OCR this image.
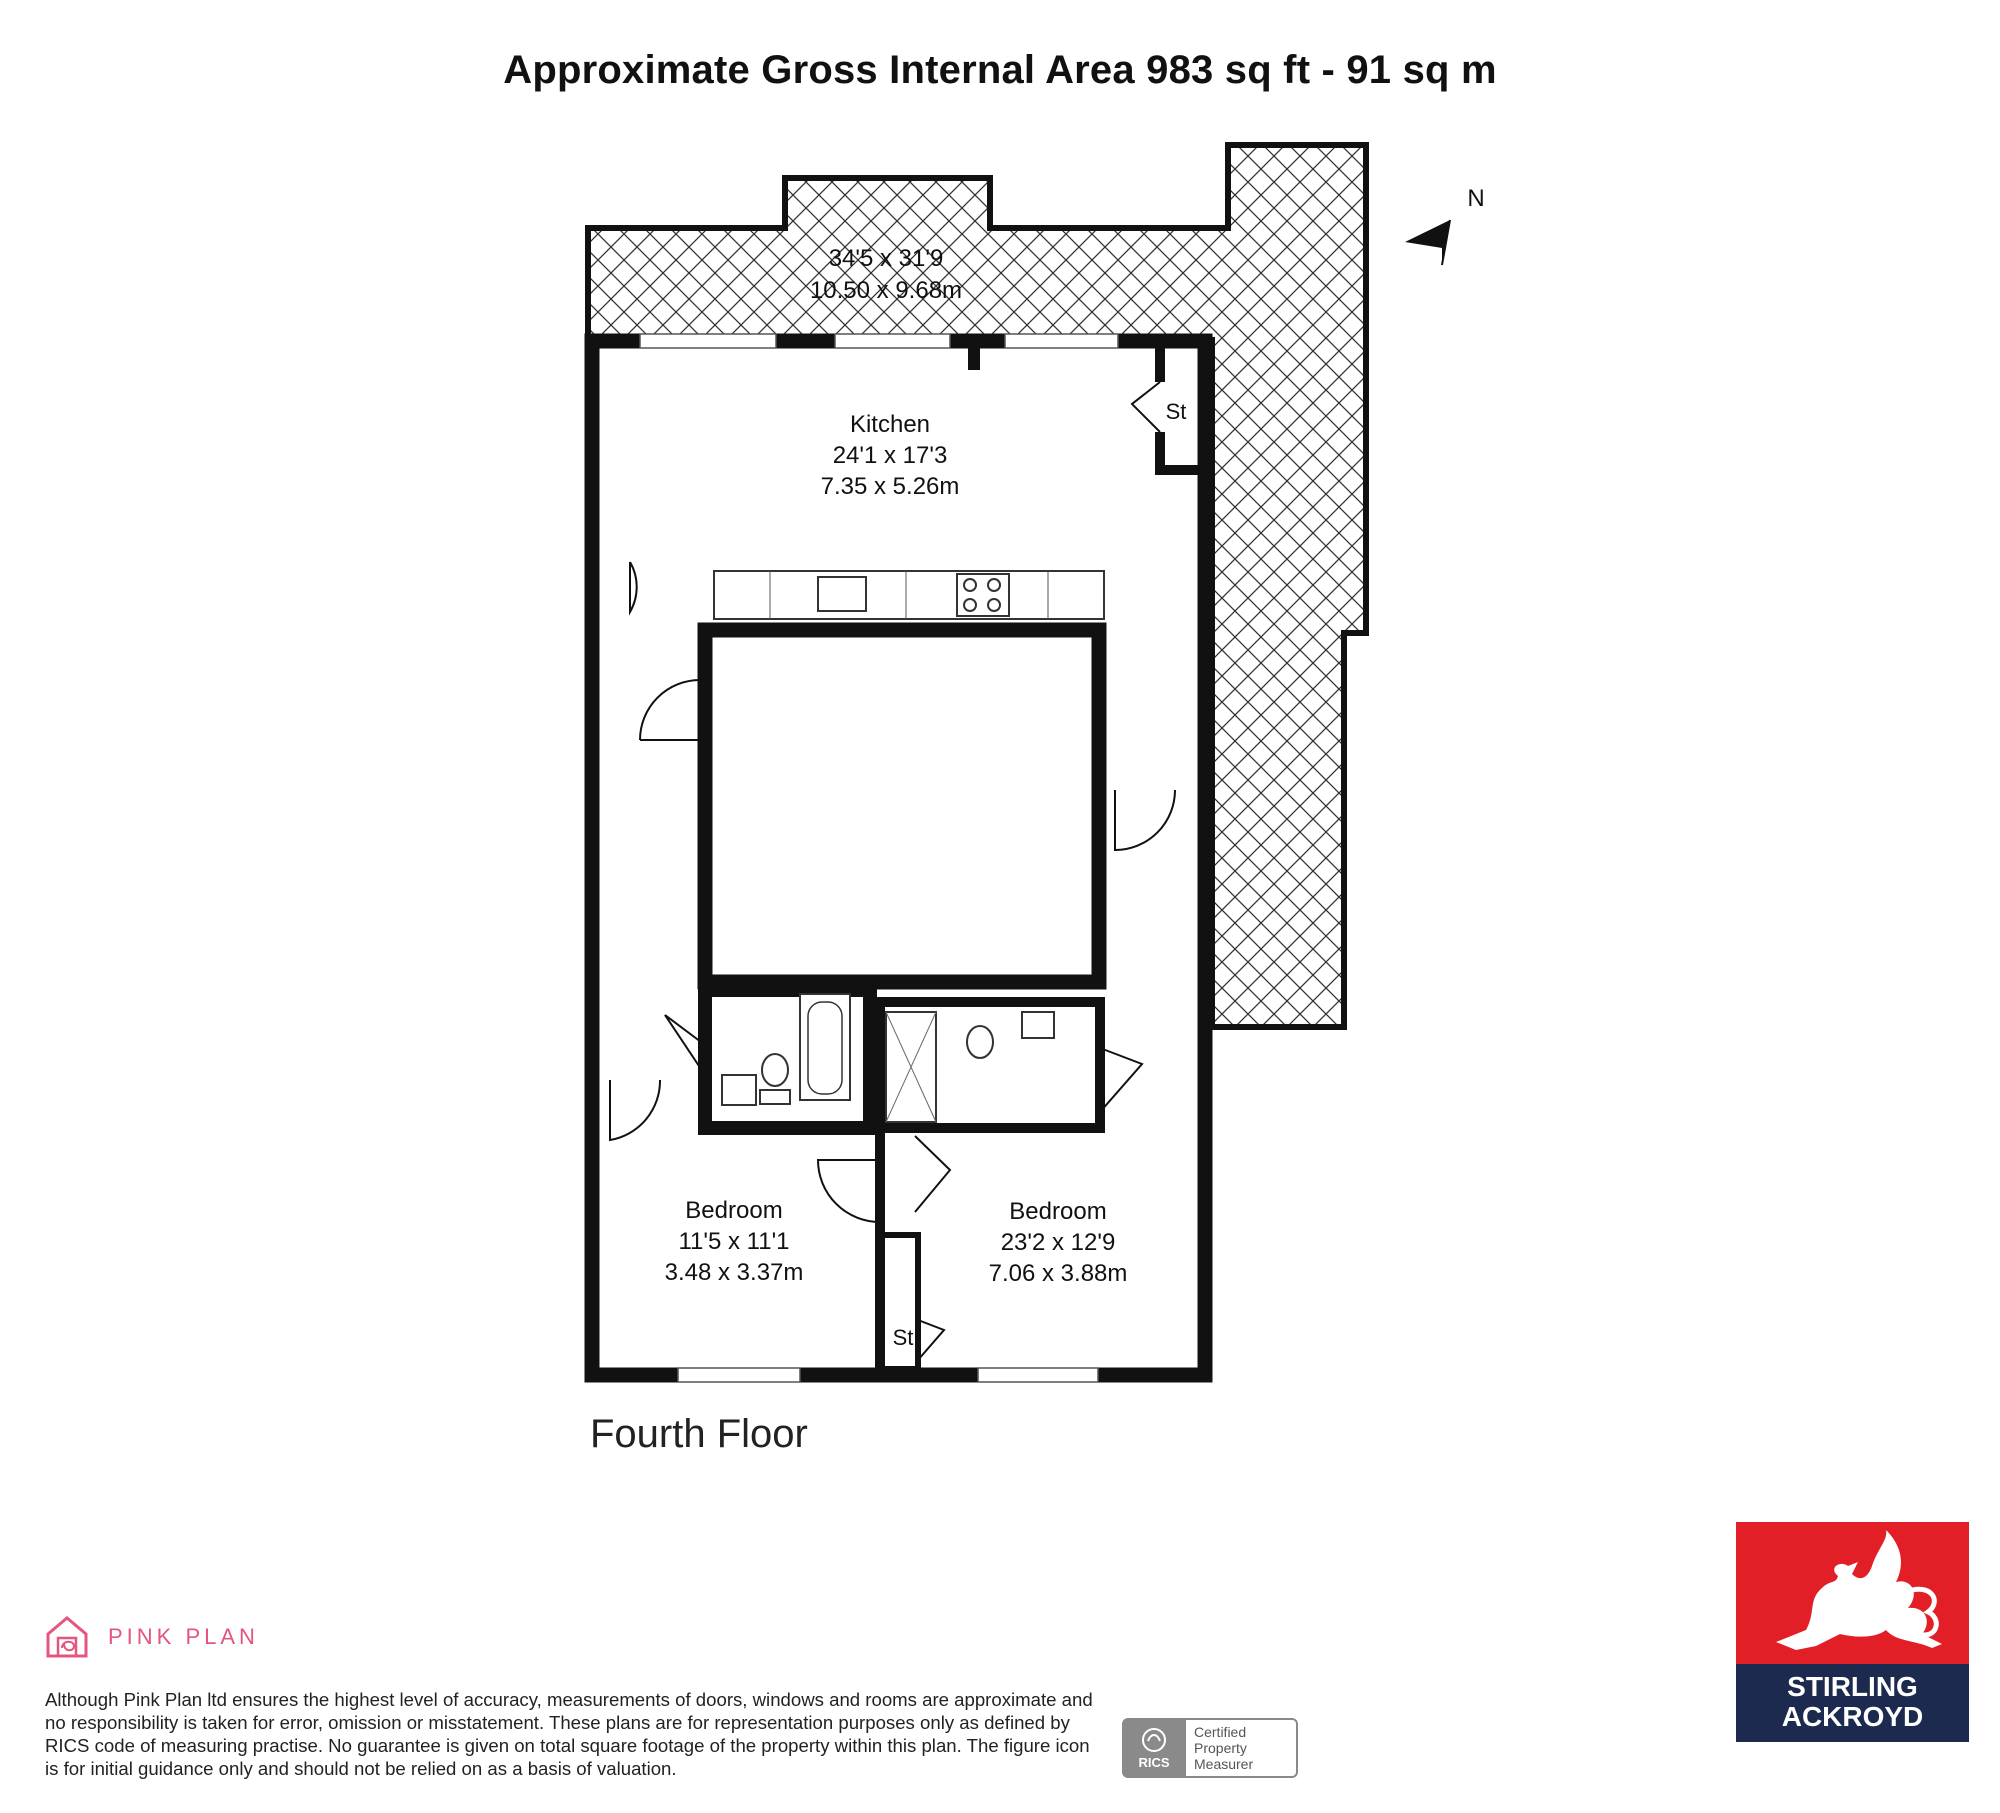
Approximate Gross Internal Area 983 sq ft - 91 sq m
N
34'5 x 31'9
10.50 x 9.68m
Kitchen
24'1 x 17'3
7.35 x 5.26m
St
Bedroom
11'5 x 11'1
3.48 x 3.37m
Bedroom
23'2 x 12'9
7.06 x 3.88m
St
Fourth Floor
PINK PLAN
Although Pink Plan ltd ensures the highest level of accuracy, measurements of doors, windows and rooms are approximate and no responsibility is taken for error, omission or misstatement. These plans are for representation purposes only as defined by RICS code of measuring practise. No guarantee is given on total square footage of the property within this plan. The figure icon is for initial guidance only and should not be relied on as a basis of valuation.	RICS
Certified
Property
Measurer
STIRLING
ACKROYD
